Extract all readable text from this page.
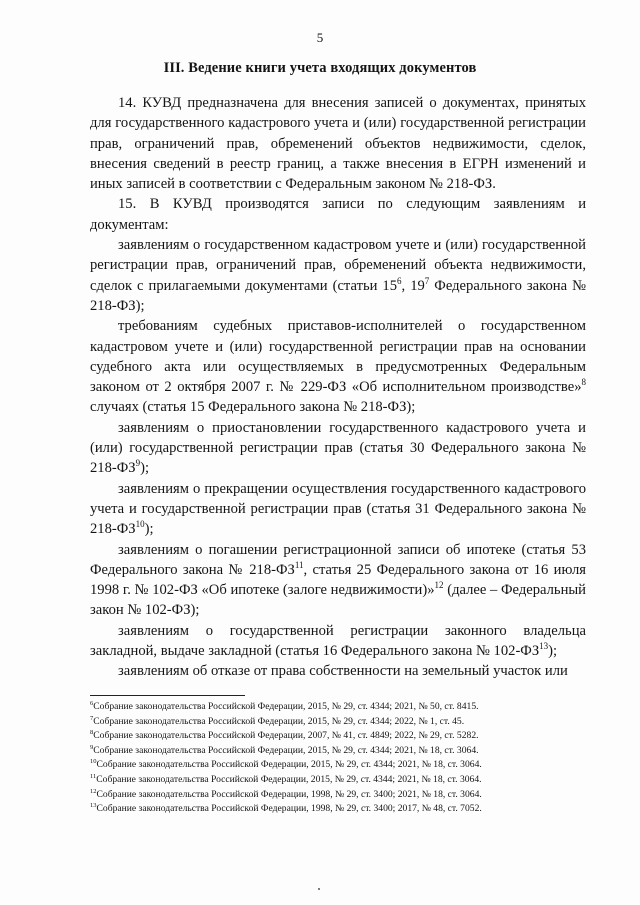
5
III. Ведение книги учета входящих документов

14. КУВД предназначена для внесения записей о документах, принятых для государственного кадастрового учета и (или) государственной регистрации прав, ограничений прав, обременений объектов недвижимости, сделок, внесения сведений в реестр границ, а также внесения в ЕГРН изменений и иных записей в соответствии с Федеральным законом № 218-ФЗ.

15. В КУВД производятся записи по следующим заявлениям и документам:

заявлениям о государственном кадастровом учете и (или) государственной регистрации прав, ограничений прав, обременений объекта недвижимости, сделок с прилагаемыми документами (статьи $15^6$, $19^7$ Федерального закона № 218-ФЗ);

требованиям судебных приставов-исполнителей о государственном кадастровом учете и (или) государственной регистрации прав на основании судебного акта или осуществляемых в предусмотренных Федеральным законом от 2 октября 2007 г. № 229-ФЗ «Об исполнительном производстве»$^8$ случаях (статья 15 Федерального закона № 218-ФЗ);

заявлениям о приостановлении государственного кадастрового учета и (или) государственной регистрации прав (статья 30 Федерального закона № $218-ФЗ^9$);

заявлениям о прекращении осуществления государственного кадастрового учета и государственной регистрации прав (статья 31 Федерального закона № 218-ФЗ$^{10}$);

заявлениям о погашении регистрационной записи об ипотеке (статья 53 Федерального закона № 218-ФЗ$^{11}$, статья 25 Федерального закона от 16 июля 1998 г. № 102-ФЗ «Об ипотеке (залоге недвижимости)»$^{12}$ (далее – Федеральный закон № 102-ФЗ);

заявлениям о государственной регистрации законного владельца закладной, выдаче закладной (статья 16 Федерального закона № 102-ФЗ$^{13}$);

заявлениям об отказе от права собственности на земельный участок или

$^6$Собрание законодательства Российской Федерации, 2015, № 29, ст. 4344; 2021, № 50, ст. 8415.
$^7$Собрание законодательства Российской Федерации, 2015, № 29, ст. 4344; 2022, № 1, ст. 45.
$^8$Собрание законодательства Российской Федерации, 2007, № 41, ст. 4849; 2022, № 29, ст. 5282.
$^9$Собрание законодательства Российской Федерации, 2015, № 29, ст. 4344; 2021, № 18, ст. 3064.
$^{10}$Собрание законодательства Российской Федерации, 2015, № 29, ст. 4344; 2021, № 18, ст. 3064.
$^{11}$Собрание законодательства Российской Федерации, 2015, № 29, ст. 4344; 2021, № 18, ст. 3064.
$^{12}$Собрание законодательства Российской Федерации, 1998, № 29, ст. 3400; 2021, № 18, ст. 3064.
$^{13}$Собрание законодательства Российской Федерации, 1998, № 29, ст. 3400; 2017, № 48, ст. 7052.
